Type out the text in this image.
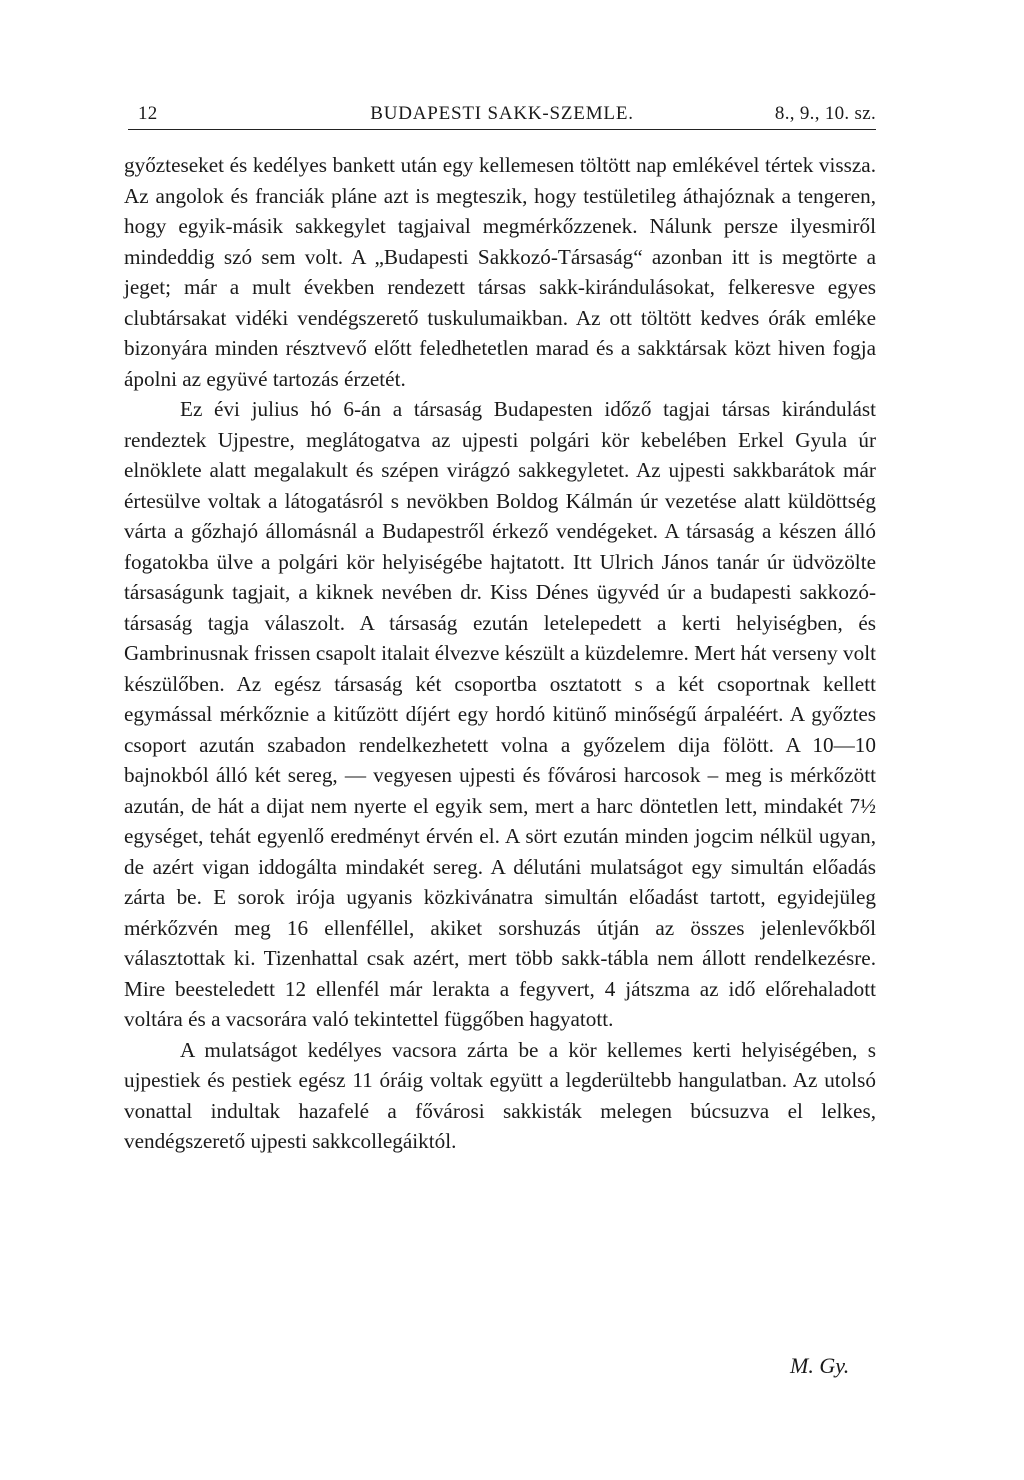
12	BUDAPESTI SAKK-SZEMLE.	8., 9., 10. sz.

győzteseket és kedélyes bankett után egy kellemesen töltött nap emlékével tértek vissza. Az angolok és franciák pláne azt is megteszik, hogy testületileg áthajóznak a tengeren, hogy egyik-másik sakkegylet tagjaival megmérkőzzenek. Nálunk persze ilyesmiről mindeddig szó sem volt. A „Budapesti Sakkozó-Társaság“ azonban itt is megtörte a jeget; már a mult években rendezett társas sakk-kirándulásokat, felkeresve egyes clubtársakat vidéki vendégszerető tuskulumaikban. Az ott töltött kedves órák emléke bizonyára minden résztvevő előtt feledhetetlen marad és a sakktársak közt hiven fogja ápolni az együvé tartozás érzetét.

Ez évi julius hó 6-án a társaság Budapesten időző tagjai társas kirándulást rendeztek Ujpestre, meglátogatva az ujpesti polgári kör kebelében Erkel Gyula úr elnöklete alatt megalakult és szépen virágzó sakkegyletet. Az ujpesti sakkbarátok már értesülve voltak a látogatásról s nevökben Boldog Kálmán úr vezetése alatt küldöttség várta a gőzhajó állomásnál a Budapestről érkező vendégeket. A társaság a készen álló fogatokba ülve a polgári kör helyiségébe hajtatott. Itt Ulrich János tanár úr üdvözölte társaságunk tagjait, a kiknek nevében dr. Kiss Dénes ügyvéd úr a budapesti sakkozó-társaság tagja válaszolt. A társaság ezután letelepedett a kerti helyiségben, és Gambrinusnak frissen csapolt italait élvezve készült a küzdelemre. Mert hát verseny volt készülőben. Az egész társaság két csoportba osztatott s a két csoportnak kellett egymással mérkőznie a kitűzött díjért egy hordó kitünő minőségű árpaléért. A győztes csoport azután szabadon rendelkezhetett volna a győzelem dija fölött. A 10—10 bajnokból álló két sereg, — vegyesen ujpesti és fővárosi harcosok – meg is mérkőzött azután, de hát a dijat nem nyerte el egyik sem, mert a harc döntetlen lett, mindakét 7½ egységet, tehát egyenlő eredményt érvén el. A sört ezután minden jogcim nélkül ugyan, de azért vigan iddogálta mindakét sereg. A délutáni mulatságot egy simultán előadás zárta be. E sorok irója ugyanis közkivánatra simultán előadást tartott, egyidejüleg mérkőzvén meg 16 ellenféllel, akiket sorshuzás útján az összes jelenlevőkből választottak ki. Tizenhattal csak azért, mert több sakk-tábla nem állott rendelkezésre. Mire beesteledett 12 ellenfél már lerakta a fegyvert, 4 játszma az idő előrehaladott voltára és a vacsorára való tekintettel függőben hagyatott.

A mulatságot kedélyes vacsora zárta be a kör kellemes kerti helyiségében, s ujpestiek és pestiek egész 11 óráig voltak együtt a legderültebb hangulatban. Az utolsó vonattal indultak hazafelé a fővárosi sakkisták melegen búcsuzva el lelkes, vendégszerető ujpesti sakkcollegáiktól.

M. Gy.
